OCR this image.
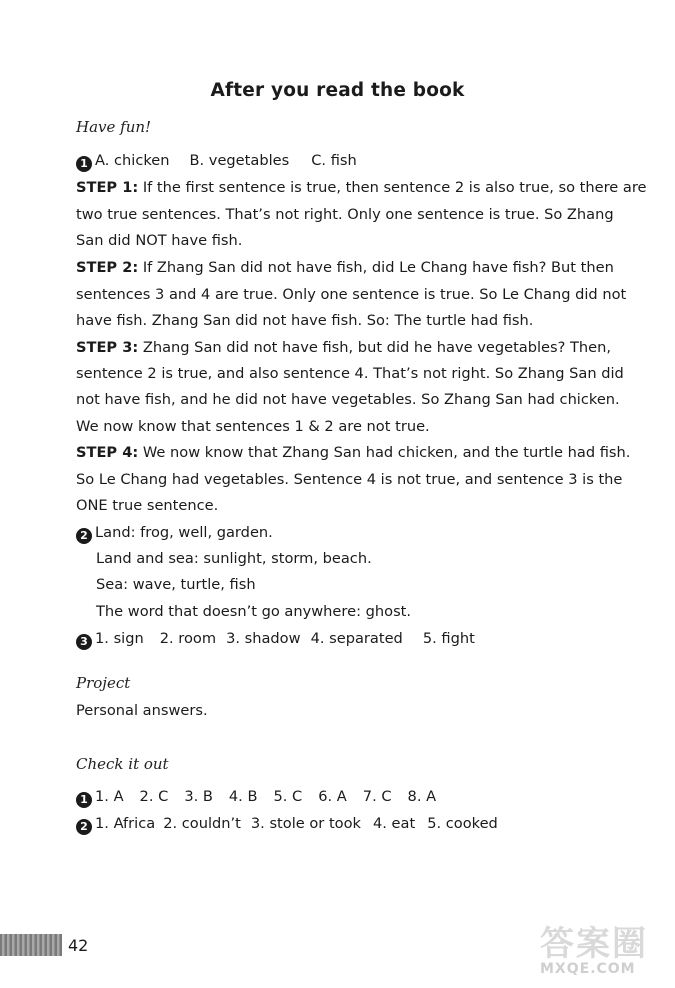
After you read the book
Have fun!
1 A. chicken B. vegetables C. fish
STEP 1: If the first sentence is true, then sentence 2 is also true, so there are
two true sentences. That’s not right. Only one sentence is true. So Zhang
San did NOT have fish.
STEP 2: If Zhang San did not have fish, did Le Chang have fish? But then
sentences 3 and 4 are true. Only one sentence is true. So Le Chang did not
have fish. Zhang San did not have fish. So: The turtle had fish.
STEP 3: Zhang San did not have fish, but did he have vegetables? Then,
sentence 2 is true, and also sentence 4. That’s not right. So Zhang San did
not have fish, and he did not have vegetables. So Zhang San had chicken.
We now know that sentences 1 & 2 are not true.
STEP 4: We now know that Zhang San had chicken, and the turtle had fish.
So Le Chang had vegetables. Sentence 4 is not true, and sentence 3 is the
ONE true sentence.
2 Land: frog, well, garden.
Land and sea: sunlight, storm, beach.
Sea: wave, turtle, fish
The word that doesn’t go anywhere: ghost.
3 1. sign 2. room 3. shadow 4. separated 5. fight
Project
Personal answers.
Check it out
1 1. A 2. C 3. B 4. B 5. C 6. A 7. C 8. A
2 1. Africa 2. couldn’t 3. stole or took 4. eat 5. cooked
42	答案圈
MXQE.COM
